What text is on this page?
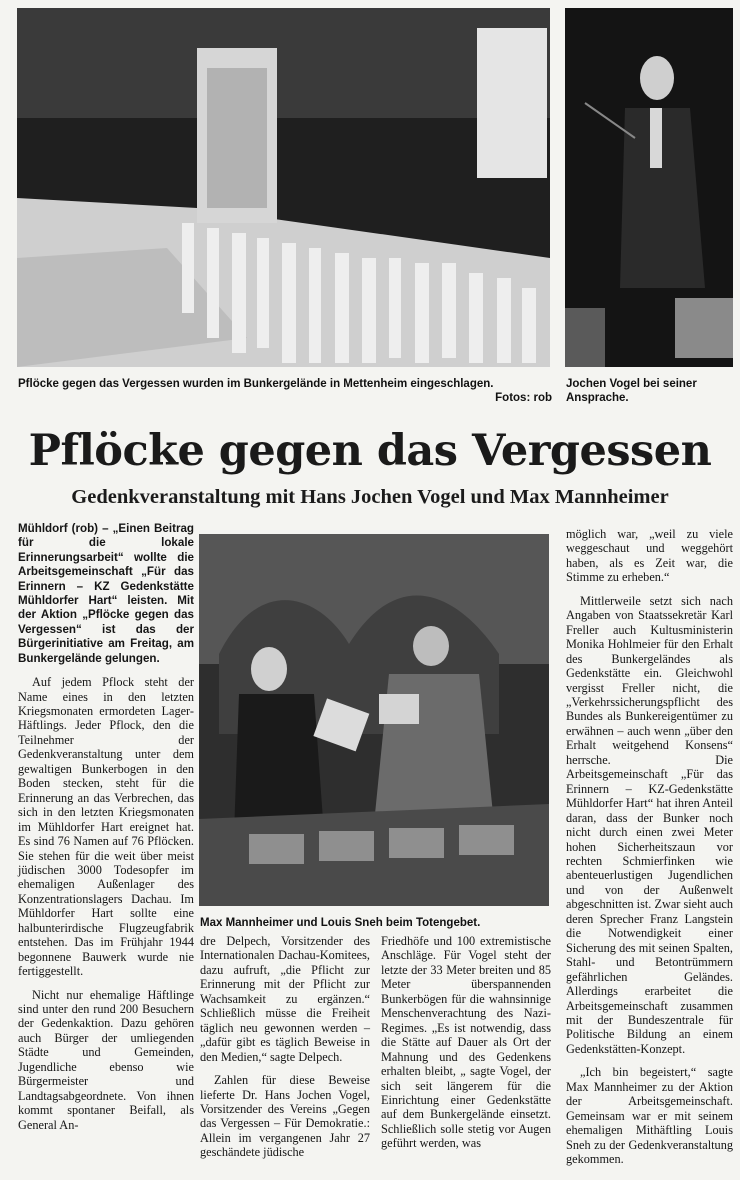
Pflöcke gegen das Vergessen wurden im Bunkergelände in Mettenheim eingeschlagen.
Fotos: rob
Jochen Vogel bei seiner Ansprache.
Pflöcke gegen das Vergessen
Gedenkveranstaltung mit Hans Jochen Vogel und Max Mannheimer

Mühldorf (rob) – „Einen Beitrag für die lokale Erinnerungsarbeit“ wollte die Arbeitsgemeinschaft „Für das Erinnern – KZ Gedenkstätte Mühldorfer Hart“ leisten. Mit der Aktion „Pflöcke gegen das Vergessen“ ist das der Bürgerinitiative am Freitag, am Bunkergelände gelungen.

Auf jedem Pflock steht der Name eines in den letzten Kriegsmonaten ermordeten Lager-Häftlings. Jeder Pflock, den die Teilnehmer der Gedenkveranstaltung unter dem gewaltigen Bunkerbogen in den Boden stecken, steht für die Erinnerung an das Verbrechen, das sich in den letzten Kriegsmonaten im Mühldorfer Hart ereignet hat. Es sind 76 Namen auf 76 Pflöcken. Sie stehen für die weit über meist jüdischen 3000 Todesopfer im ehemaligen Außenlager des Konzentrationslagers Dachau. Im Mühldorfer Hart sollte eine halbunterirdische Flugzeugfabrik entstehen. Das im Frühjahr 1944 begonnene Bauwerk wurde nie fertiggestellt.

Nicht nur ehemalige Häftlinge sind unter den rund 200 Besuchern der Gedenkaktion. Dazu gehören auch Bürger der umliegenden Städte und Gemeinden, Jugendliche ebenso wie Bürgermeister und Landtagsabgeordnete. Von ihnen kommt spontaner Beifall, als General An-

Max Mannheimer und Louis Sneh beim Totengebet.

dre Delpech, Vorsitzender des Internationalen Dachau-Komitees, dazu aufruft, „die Pflicht zur Erinnerung mit der Pflicht zur Wachsamkeit zu ergänzen.“ Schließlich müsse die Freiheit täglich neu gewonnen werden – „dafür gibt es täglich Beweise in den Medien,“ sagte Delpech.

Zahlen für diese Beweise lieferte Dr. Hans Jochen Vogel, Vorsitzender des Vereins „Gegen das Vergessen – Für Demokratie.: Allein im vergangenen Jahr 27 geschändete jüdische

Friedhöfe und 100 extremistische Anschläge. Für Vogel steht der letzte der 33 Meter breiten und 85 Meter überspannenden Bunkerbögen für die wahnsinnige Menschenverachtung des Nazi-Regimes. „Es ist notwendig, dass die Stätte auf Dauer als Ort der Mahnung und des Gedenkens erhalten bleibt, „ sagte Vogel, der sich seit längerem für die Einrichtung einer Gedenkstätte auf dem Bunkergelände einsetzt. Schließlich solle stetig vor Augen geführt werden, was

möglich war, „weil zu viele weggeschaut und weggehört haben, als es Zeit war, die Stimme zu erheben.“

Mittlerweile setzt sich nach Angaben von Staatssekretär Karl Freller auch Kultusministerin Monika Hohlmeier für den Erhalt des Bunkergeländes als Gedenkstätte ein. Gleichwohl vergisst Freller nicht, die „Verkehrssicherungspflicht des Bundes als Bunkereigentümer zu erwähnen – auch wenn „über den Erhalt weitgehend Konsens“ herrsche. Die Arbeitsgemeinschaft „Für das Erinnern – KZ-Gedenkstätte Mühldorfer Hart“ hat ihren Anteil daran, dass der Bunker noch nicht durch einen zwei Meter hohen Sicherheitszaun vor rechten Schmierfinken wie abenteuerlustigen Jugendlichen und von der Außenwelt abgeschnitten ist. Zwar sieht auch deren Sprecher Franz Langstein die Notwendigkeit einer Sicherung des mit seinen Spalten, Stahl- und Betontrümmern gefährlichen Geländes. Allerdings erarbeitet die Arbeitsgemeinschaft zusammen mit der Bundeszentrale für Politische Bildung an einem Gedenkstätten-Konzept.

„Ich bin begeistert,“ sagte Max Mannheimer zu der Aktion der Arbeitsgemeinschaft. Gemeinsam war er mit seinem ehemaligen Mithäftling Louis Sneh zu der Gedenkveranstaltung gekommen.
